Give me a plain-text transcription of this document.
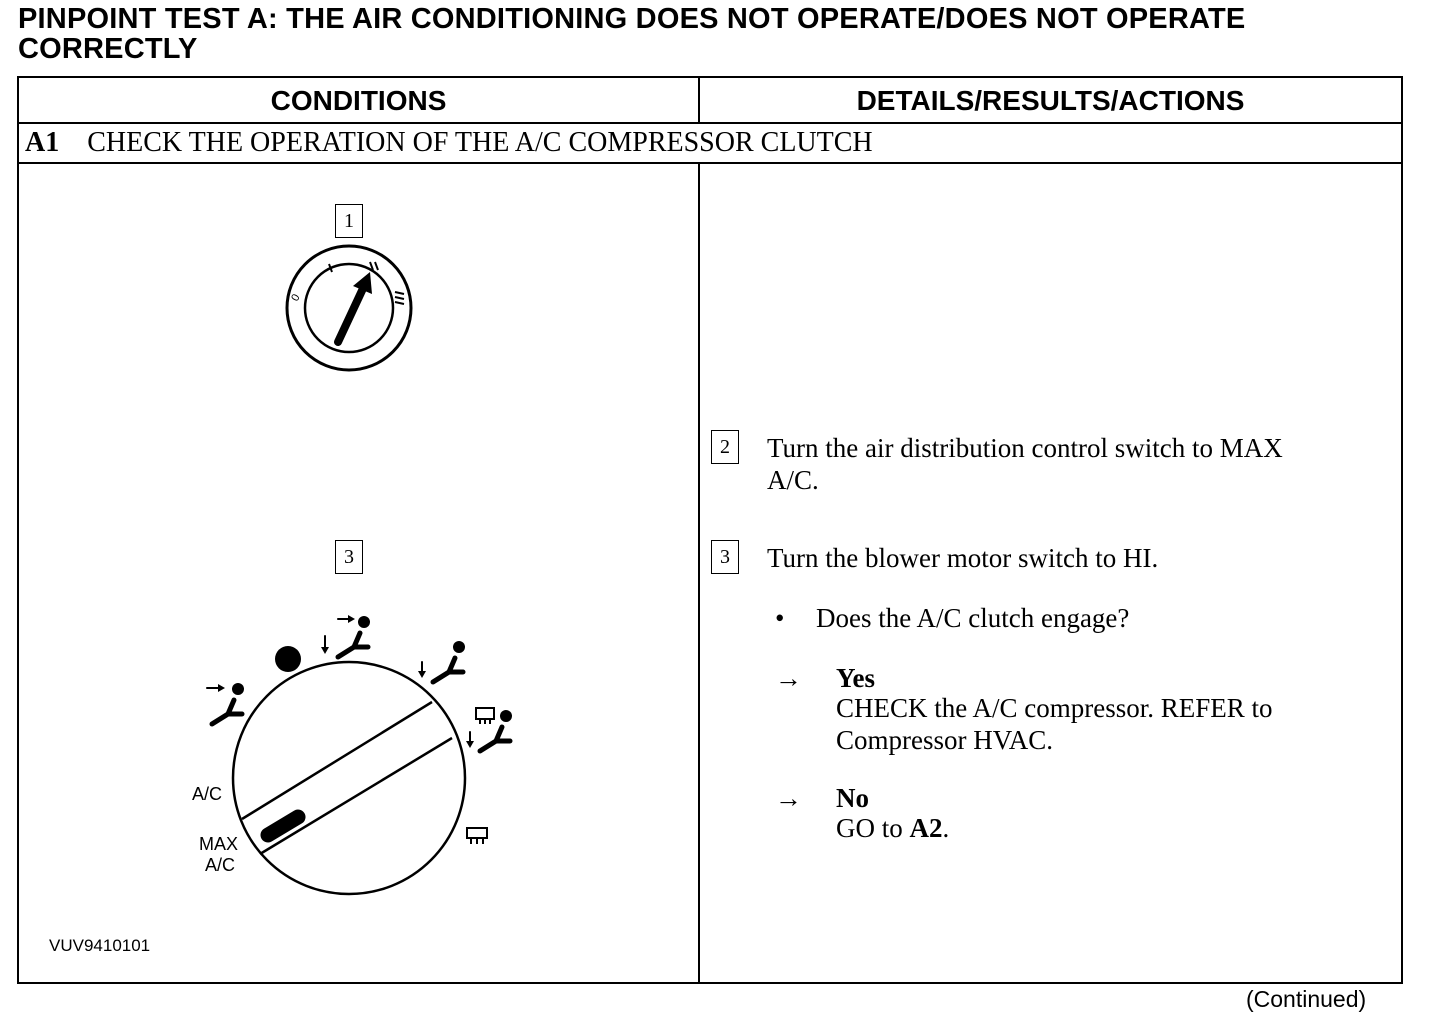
PINPOINT TEST A: THE AIR CONDITIONING DOES NOT OPERATE/DOES NOT OPERATE CORRECTLY
CONDITIONS	DETAILS/RESULTS/ACTIONS
A1 CHECK THE OPERATION OF THE A/C COMPRESSOR CLUTCH
0
1
3
A/C
MAX
A/C
VUV9410101
2	Turn the air distribution control switch to MAX
A/C.
3	Turn the blower motor switch to HI.
• Does the A/C clutch engage?
→ Yes
CHECK the A/C compressor. REFER to
Compressor HVAC.
→ No
GO to A2.
(Continued)
